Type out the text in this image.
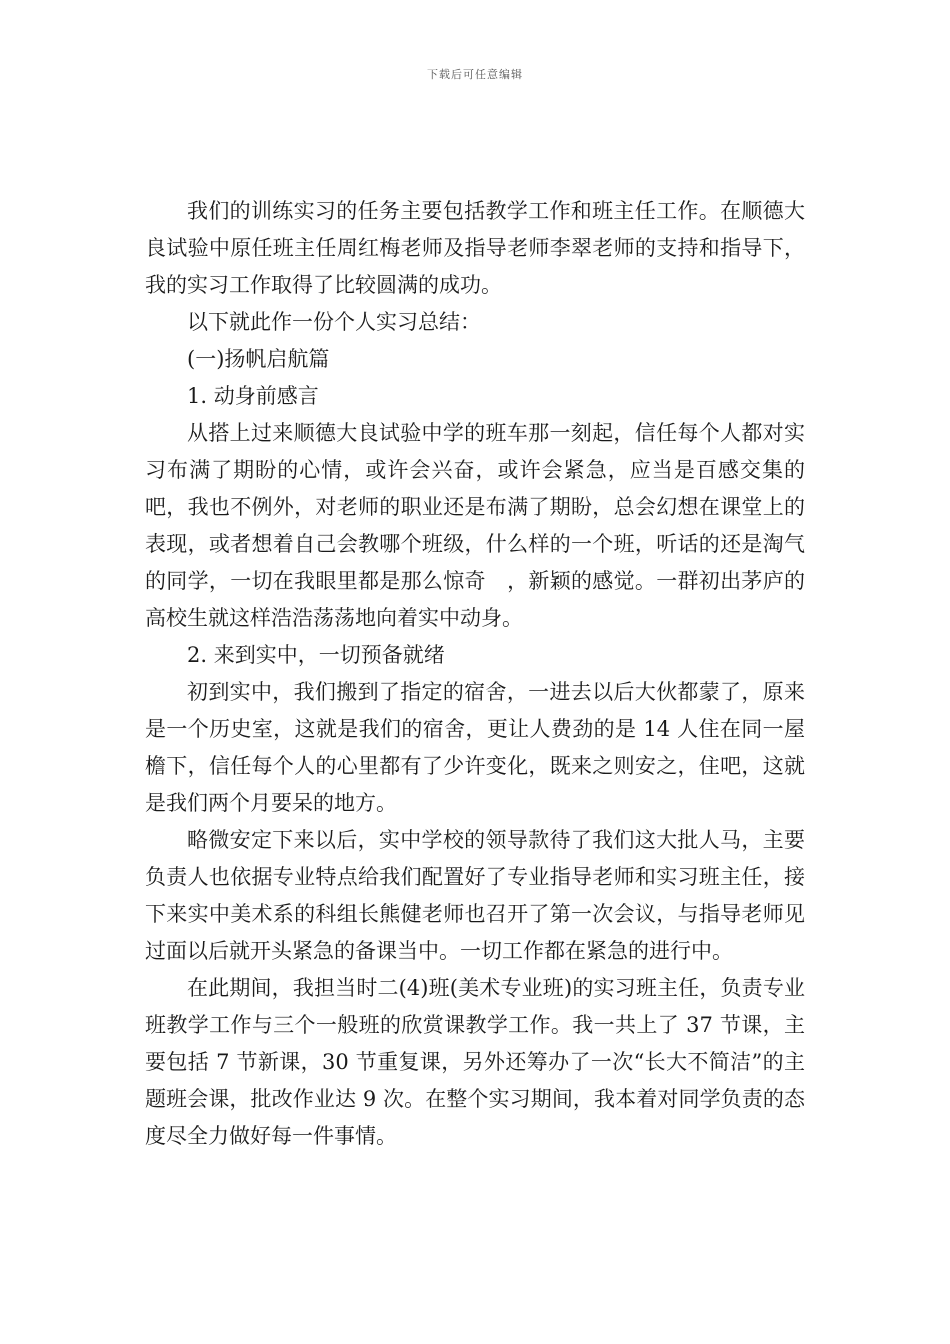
下载后可任意编辑

我们的训练实习的任务主要包括教学工作和班主任工作。在顺德大良试验中原任班主任周红梅老师及指导老师李翠老师的支持和指导下，我的实习工作取得了比较圆满的成功。

以下就此作一份个人实习总结：

(一)扬帆启航篇

1. 动身前感言

从搭上过来顺德大良试验中学的班车那一刻起，信任每个人都对实习布满了期盼的心情，或许会兴奋，或许会紧急，应当是百感交集的吧，我也不例外，对老师的职业还是布满了期盼，总会幻想在课堂上的表现，或者想着自己会教哪个班级，什么样的一个班，听话的还是淘气的同学，一切在我眼里都是那么惊奇　，新颖的感觉。一群初出茅庐的高校生就这样浩浩荡荡地向着实中动身。

2. 来到实中，一切预备就绪

初到实中，我们搬到了指定的宿舍，一进去以后大伙都蒙了，原来是一个历史室，这就是我们的宿舍，更让人费劲的是 14 人住在同一屋檐下，信任每个人的心里都有了少许变化，既来之则安之，住吧，这就是我们两个月要呆的地方。

略微安定下来以后，实中学校的领导款待了我们这大批人马，主要负责人也依据专业特点给我们配置好了专业指导老师和实习班主任，接下来实中美术系的科组长熊健老师也召开了第一次会议，与指导老师见过面以后就开头紧急的备课当中。一切工作都在紧急的进行中。

在此期间，我担当时二(4)班(美术专业班)的实习班主任，负责专业班教学工作与三个一般班的欣赏课教学工作。我一共上了 37 节课，主要包括 7 节新课，30 节重复课，另外还筹办了一次“长大不简洁”的主题班会课，批改作业达 9 次。在整个实习期间，我本着对同学负责的态度尽全力做好每一件事情。
